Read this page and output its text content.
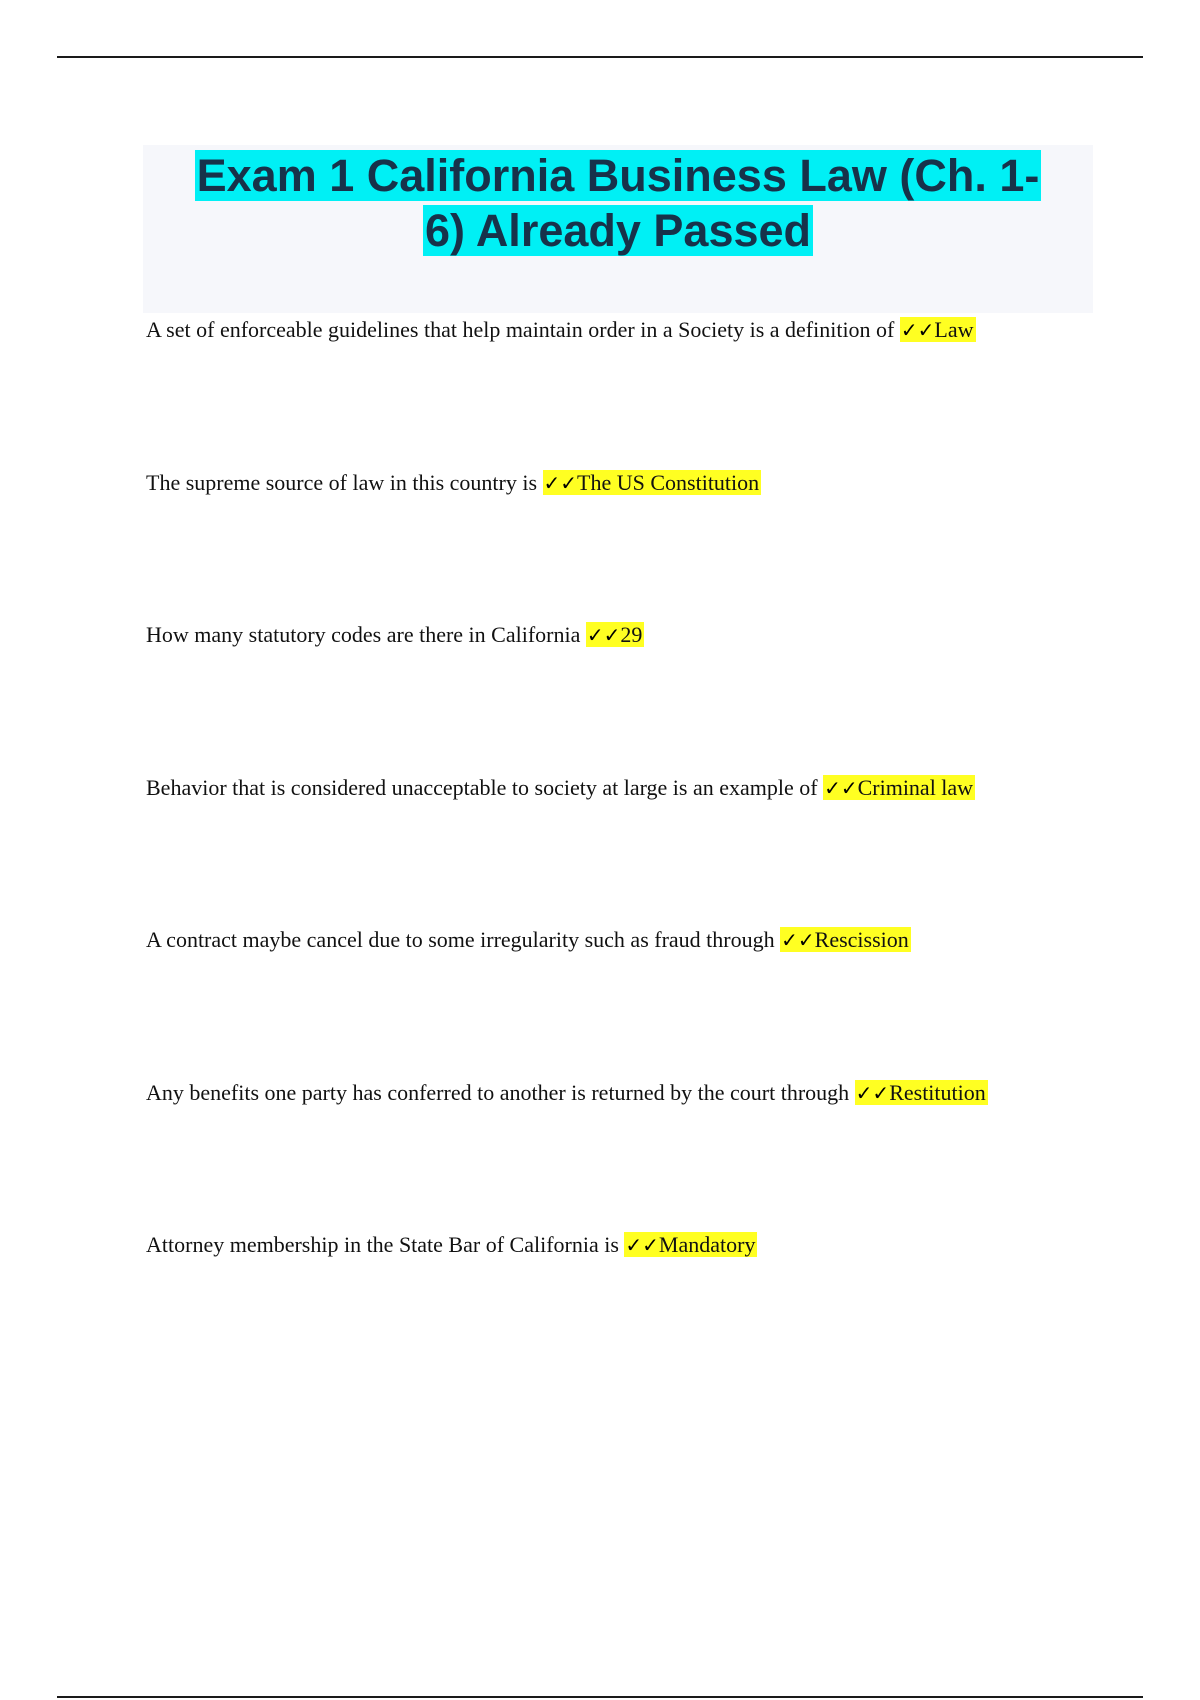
Exam 1 California Business Law (Ch. 1-
6) Already Passed
A set of enforceable guidelines that help maintain order in a Society is a definition of ✓✓Law
The supreme source of law in this country is ✓✓The US Constitution
How many statutory codes are there in California ✓✓29
Behavior that is considered unacceptable to society at large is an example of ✓✓Criminal law
A contract maybe cancel due to some irregularity such as fraud through ✓✓Rescission
Any benefits one party has conferred to another is returned by the court through ✓✓Restitution
Attorney membership in the State Bar of California is ✓✓Mandatory
